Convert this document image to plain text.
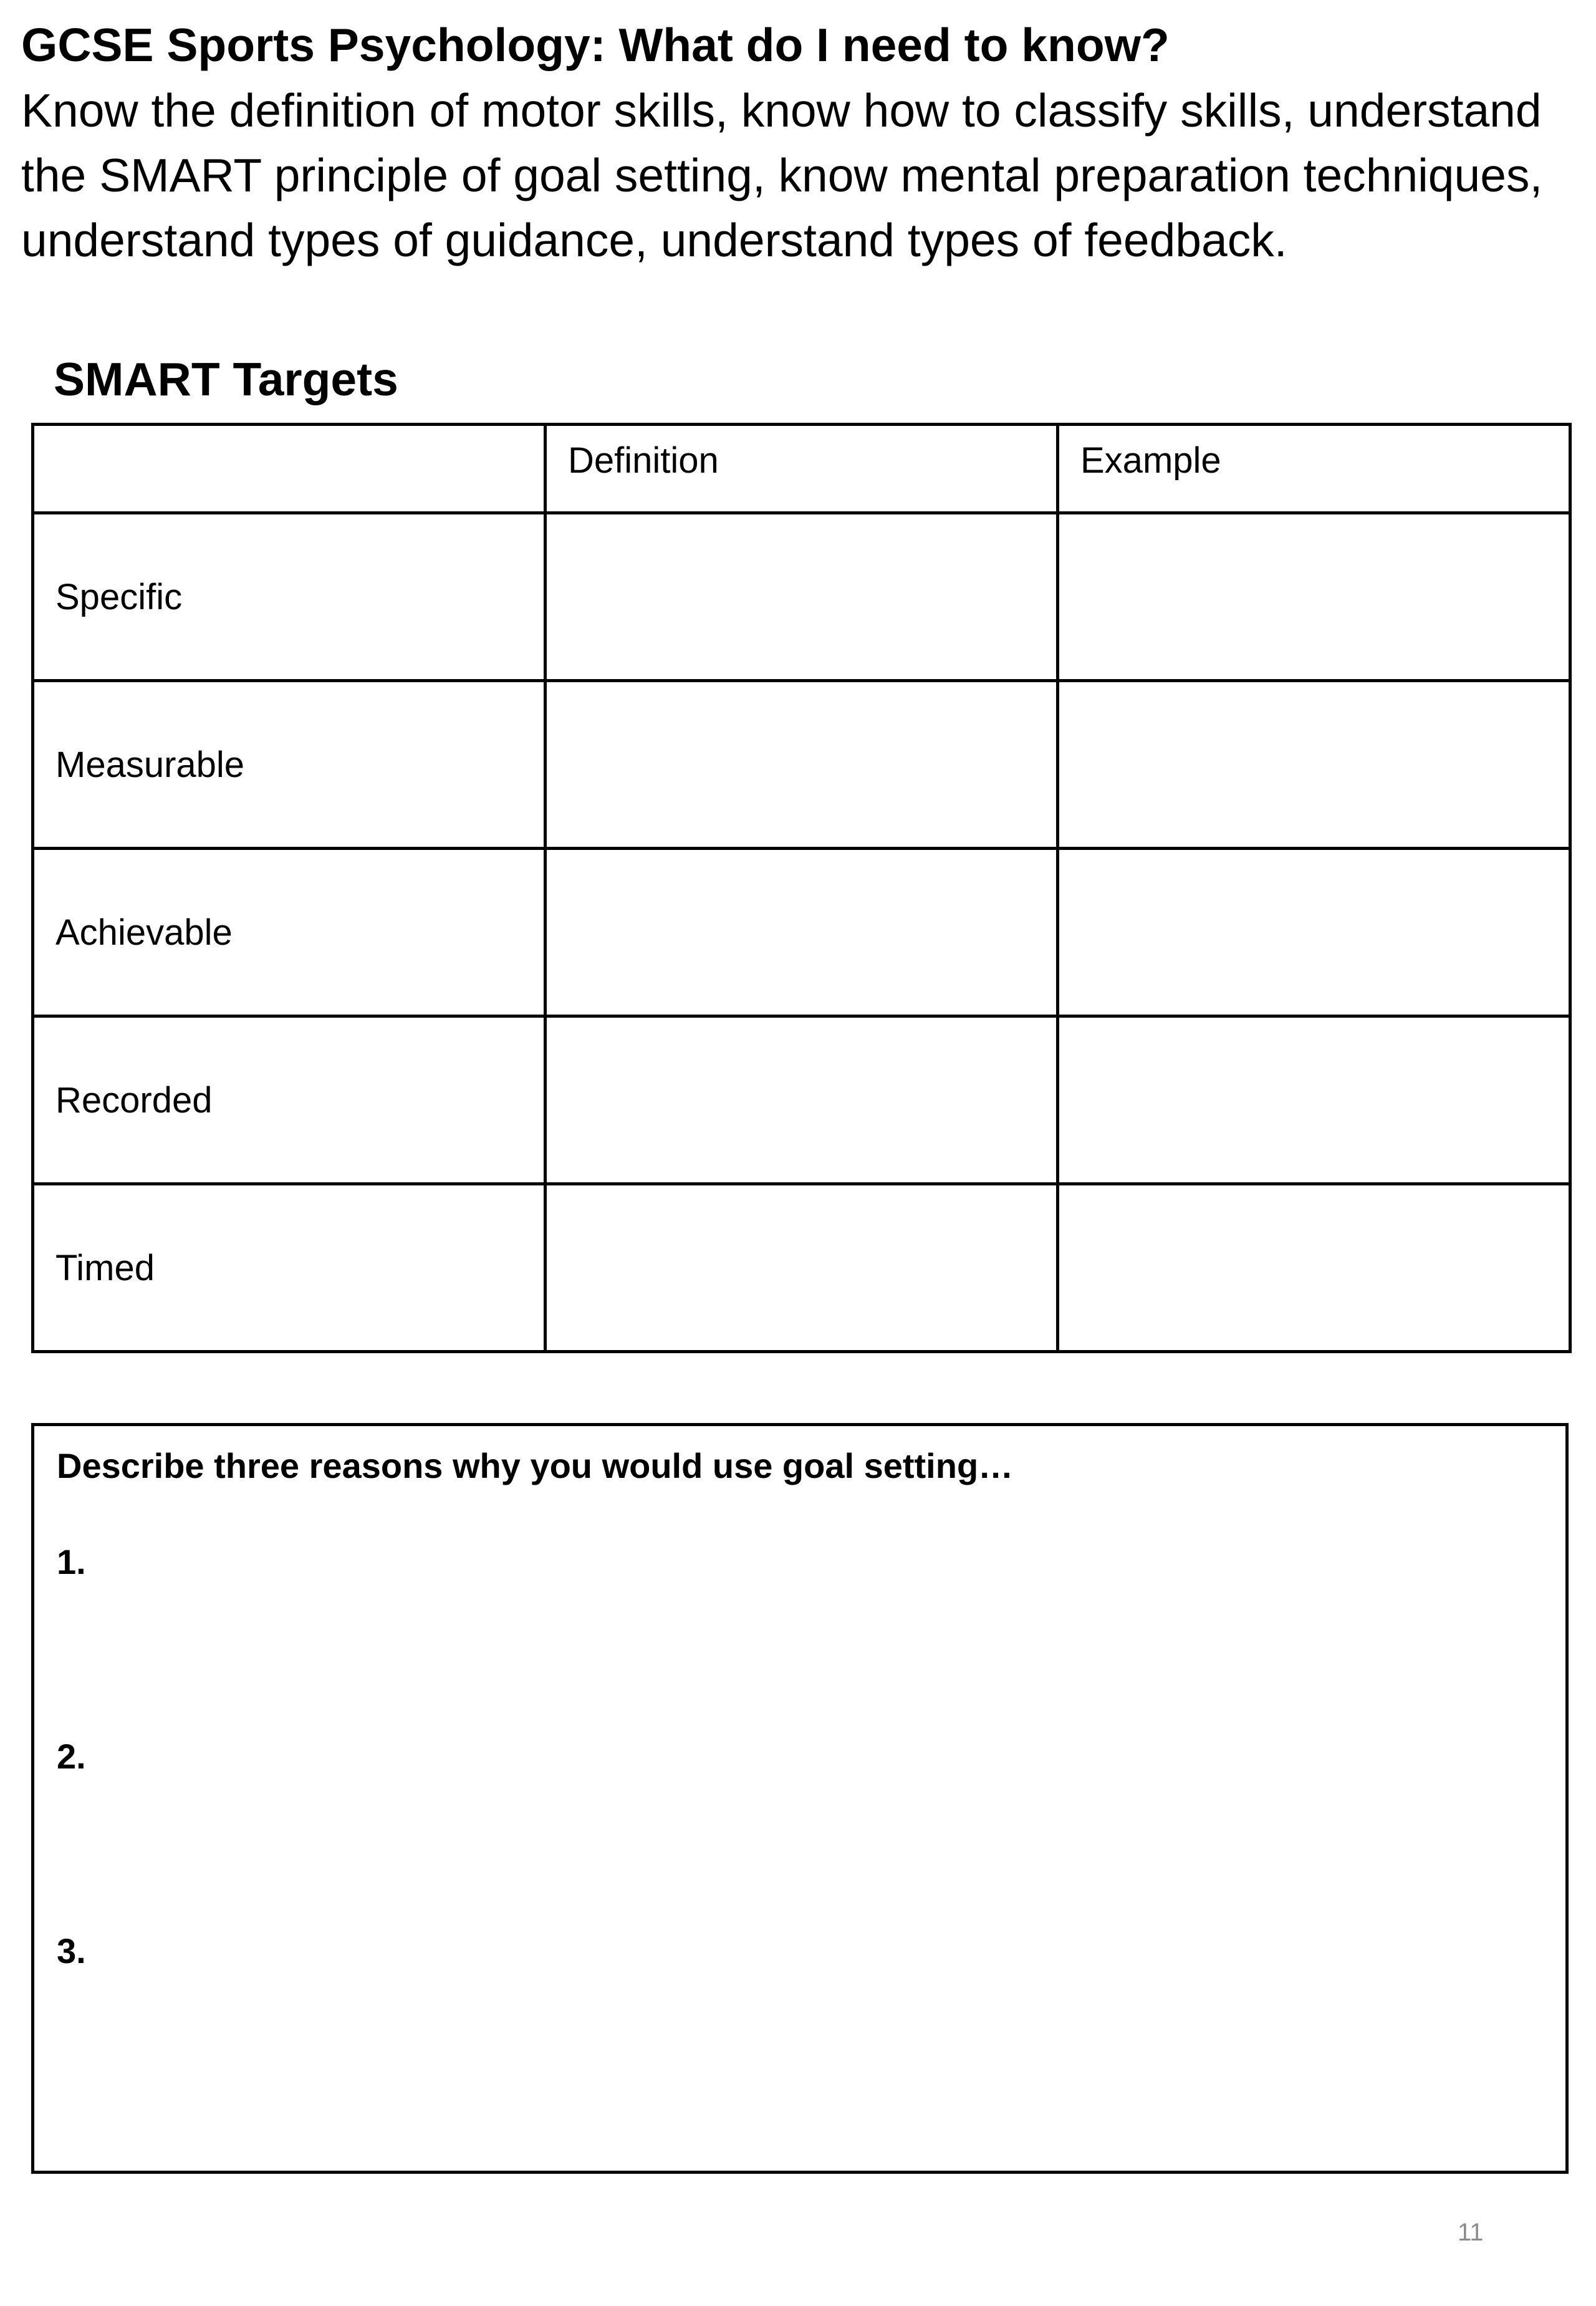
GCSE Sports Psychology: What do I need to know?
Know the definition of motor skills, know how to classify skills, understand the SMART principle of goal setting, know mental preparation techniques, understand types of guidance, understand types of feedback.
SMART Targets
	Definition	Example
Specific		
Measurable		
Achievable		
Recorded		
Timed		
Describe three reasons why you would use goal setting…
1.
2.
3.
11
